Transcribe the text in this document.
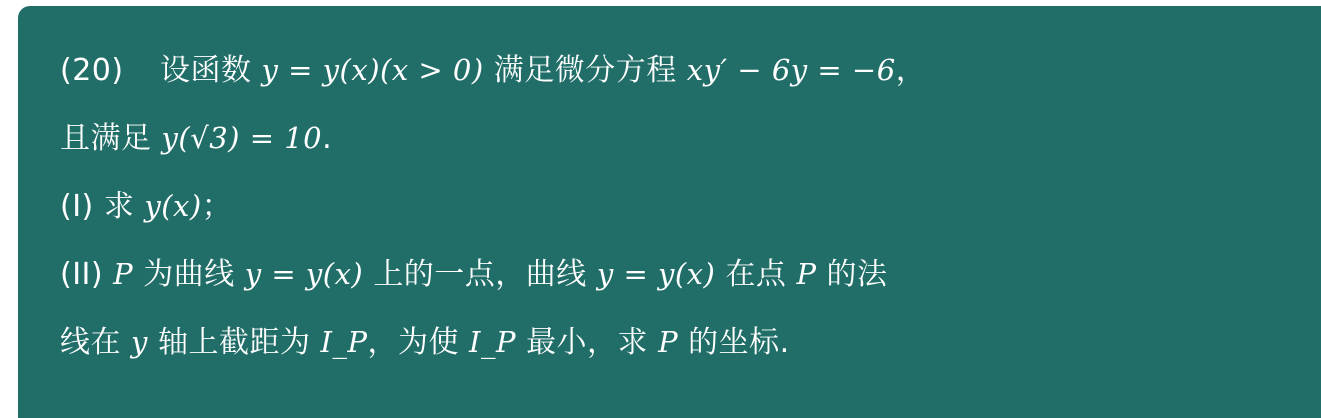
(20) 设函数 y = y(x)(x > 0) 满足微分方程 xy′ − 6y = −6，
且满足 y(√3) = 10.
(I) 求 y(x)；
(II) P 为曲线 y = y(x) 上的一点，曲线 y = y(x) 在点 P 的法
线在 y 轴上截距为 I_P，为使 I_P 最小，求 P 的坐标.
